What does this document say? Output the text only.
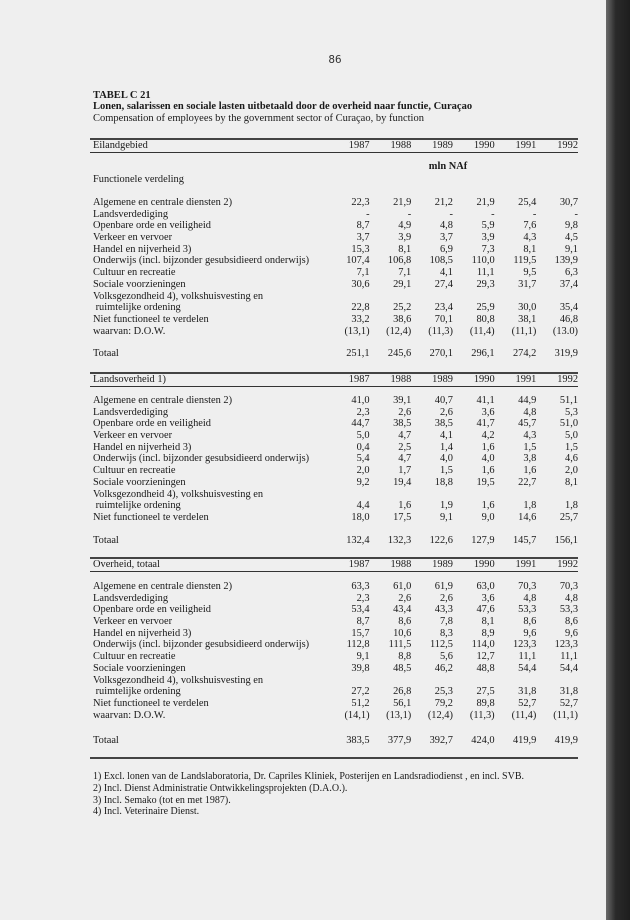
86
TABEL C 21
Lonen, salarissen en sociale lasten uitbetaald door de overheid naar functie, Curaçao
Compensation of employees by the government sector of Curaçao, by function
Eilandgebied	1987	1988	1989	1990	1991	1992
mln NAf
Functionele verdeling
Algemene en centrale diensten 2)	22,3	21,9	21,2	21,9	25,4	30,7
Landsverdediging	-	-	-	-	-	-
Openbare orde en veiligheid	8,7	4,9	4,8	5,9	7,6	9,8
Verkeer en vervoer	3,7	3,9	3,7	3,9	4,3	4,5
Handel en nijverheid 3)	15,3	8,1	6,9	7,3	8,1	9,1
Onderwijs (incl. bijzonder gesubsidieerd onderwijs)	107,4	106,8	108,5	110,0	119,5	139,9
Cultuur en recreatie	7,1	7,1	4,1	11,1	9,5	6,3
Sociale voorzieningen	30,6	29,1	27,4	29,3	31,7	37,4
Volksgezondheid 4), volkshuisvesting en
ruimtelijke ordening	22,8	25,2	23,4	25,9	30,0	35,4
Niet functioneel te verdelen	33,2	38,6	70,1	80,8	38,1	46,8
waarvan: D.O.W.	(13,1)	(12,4)	(11,3)	(11,4)	(11,1)	(13.0)
Totaal	251,1	245,6	270,1	296,1	274,2	319,9
Landsoverheid 1)	1987	1988	1989	1990	1991	1992
Algemene en centrale diensten 2)	41,0	39,1	40,7	41,1	44,9	51,1
Landsverdediging	2,3	2,6	2,6	3,6	4,8	5,3
Openbare orde en veiligheid	44,7	38,5	38,5	41,7	45,7	51,0
Verkeer en vervoer	5,0	4,7	4,1	4,2	4,3	5,0
Handel en nijverheid 3)	0,4	2,5	1,4	1,6	1,5	1,5
Onderwijs (incl. bijzonder gesubsidieerd onderwijs)	5,4	4,7	4,0	4,0	3,8	4,6
Cultuur en recreatie	2,0	1,7	1,5	1,6	1,6	2,0
Sociale voorzieningen	9,2	19,4	18,8	19,5	22,7	8,1
Volksgezondheid 4), volkshuisvesting en
ruimtelijke ordening	4,4	1,6	1,9	1,6	1,8	1,8
Niet functioneel te verdelen	18,0	17,5	9,1	9,0	14,6	25,7
Totaal	132,4	132,3	122,6	127,9	145,7	156,1
Overheid, totaal	1987	1988	1989	1990	1991	1992
Algemene en centrale diensten 2)	63,3	61,0	61,9	63,0	70,3	70,3
Landsverdediging	2,3	2,6	2,6	3,6	4,8	4,8
Openbare orde en veiligheid	53,4	43,4	43,3	47,6	53,3	53,3
Verkeer en vervoer	8,7	8,6	7,8	8,1	8,6	8,6
Handel en nijverheid 3)	15,7	10,6	8,3	8,9	9,6	9,6
Onderwijs (incl. bijzonder gesubsidieerd onderwijs)	112,8	111,5	112,5	114,0	123,3	123,3
Cultuur en recreatie	9,1	8,8	5,6	12,7	11,1	11,1
Sociale voorzieningen	39,8	48,5	46,2	48,8	54,4	54,4
Volksgezondheid 4), volkshuisvesting en
ruimtelijke ordening	27,2	26,8	25,3	27,5	31,8	31,8
Niet functioneel te verdelen	51,2	56,1	79,2	89,8	52,7	52,7
waarvan: D.O.W.	(14,1)	(13,1)	(12,4)	(11,3)	(11,4)	(11,1)
Totaal	383,5	377,9	392,7	424,0	419,9	419,9
1) Excl. lonen van de Landslaboratoria, Dr. Capriles Kliniek, Posterijen en Landsradiodienst , en incl. SVB.
2) Incl. Dienst Administratie Ontwikkelingsprojekten (D.A.O.).
3) Incl. Semako (tot en met 1987).
4) Incl. Veterinaire Dienst.
